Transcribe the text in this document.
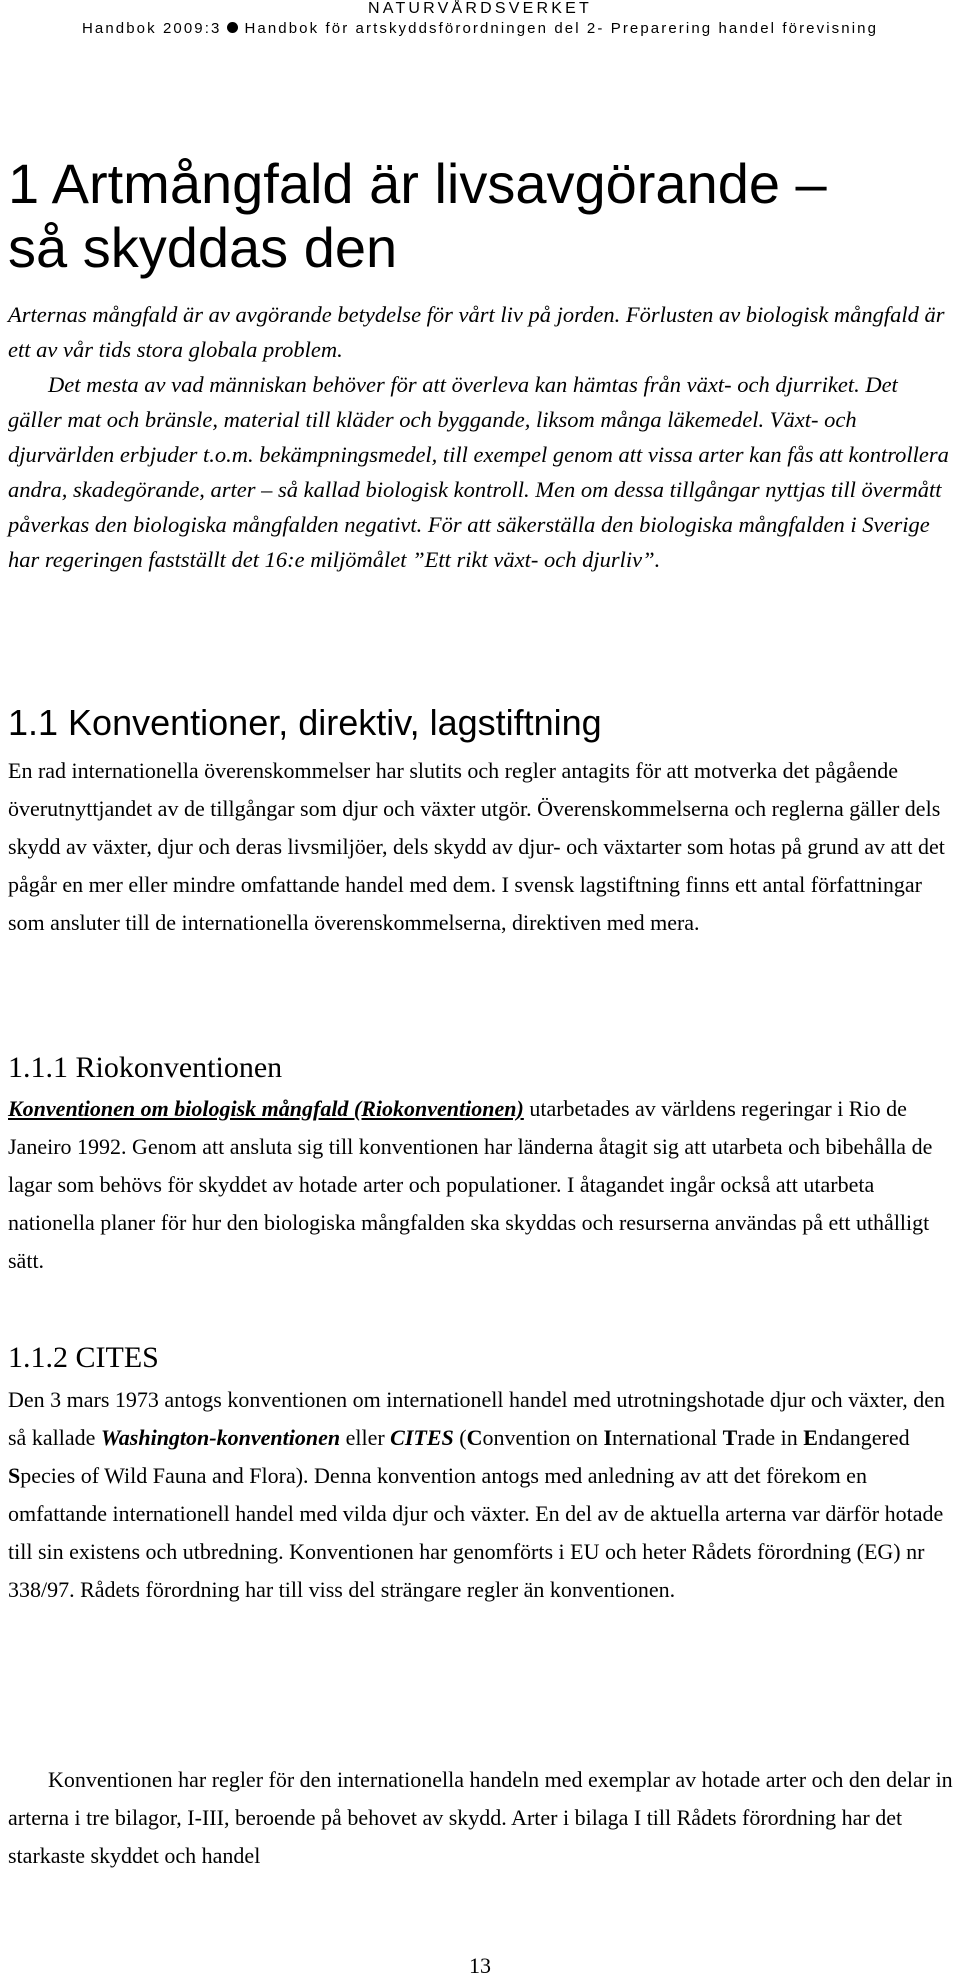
NATURVÅRDSVERKET
Handbok 2009:3 Handbok för artskyddsförordningen del 2- Preparering handel förevisning
1 Artmångfald är livsavgörande –
så skyddas den

Arternas mångfald är av avgörande betydelse för vårt liv på jorden. Förlusten av biologisk mångfald är ett av vår tids stora globala problem.

Det mesta av vad människan behöver för att överleva kan hämtas från växt- och djurriket. Det gäller mat och bränsle, material till kläder och byggande, liksom många läkemedel. Växt- och djurvärlden erbjuder t.o.m. bekämpningsmedel, till exempel genom att vissa arter kan fås att kontrollera andra, skadegörande, arter – så kallad biologisk kontroll. Men om dessa tillgångar nyttjas till övermått påverkas den biologiska mångfalden negativt. För att säkerställa den biologiska mångfalden i Sverige har regeringen fastställt det 16:e miljömålet ”Ett rikt växt- och djurliv”.

1.1 Konventioner, direktiv, lagstiftning

En rad internationella överenskommelser har slutits och regler antagits för att motverka det pågående överutnyttjandet av de tillgångar som djur och växter utgör. Överenskommelserna och reglerna gäller dels skydd av växter, djur och deras livsmiljöer, dels skydd av djur- och växtarter som hotas på grund av att det pågår en mer eller mindre omfattande handel med dem. I svensk lagstiftning finns ett antal författningar som ansluter till de internationella överenskommelserna, direktiven med mera.

1.1.1 Riokonventionen

Konventionen om biologisk mångfald (Riokonventionen) utarbetades av världens regeringar i Rio de Janeiro 1992. Genom att ansluta sig till konventionen har länderna åtagit sig att utarbeta och bibehålla de lagar som behövs för skyddet av hotade arter och populationer. I åtagandet ingår också att utarbeta nationella planer för hur den biologiska mångfalden ska skyddas och resurserna användas på ett uthålligt sätt.

1.1.2 CITES

Den 3 mars 1973 antogs konventionen om internationell handel med utrotningshotade djur och växter, den så kallade Washington-konventionen eller CITES (Convention on International Trade in Endangered Species of Wild Fauna and Flora). Denna konvention antogs med anledning av att det förekom en omfattande internationell handel med vilda djur och växter. En del av de aktuella arterna var därför hotade till sin existens och utbredning. Konventionen har genomförts i EU och heter Rådets förordning (EG) nr 338/97. Rådets förordning har till viss del strängare regler än konventionen.

Konventionen har regler för den internationella handeln med exemplar av hotade arter och den delar in arterna i tre bilagor, I-III, beroende på behovet av skydd. Arter i bilaga I till Rådets förordning har det starkaste skyddet och handel

13
